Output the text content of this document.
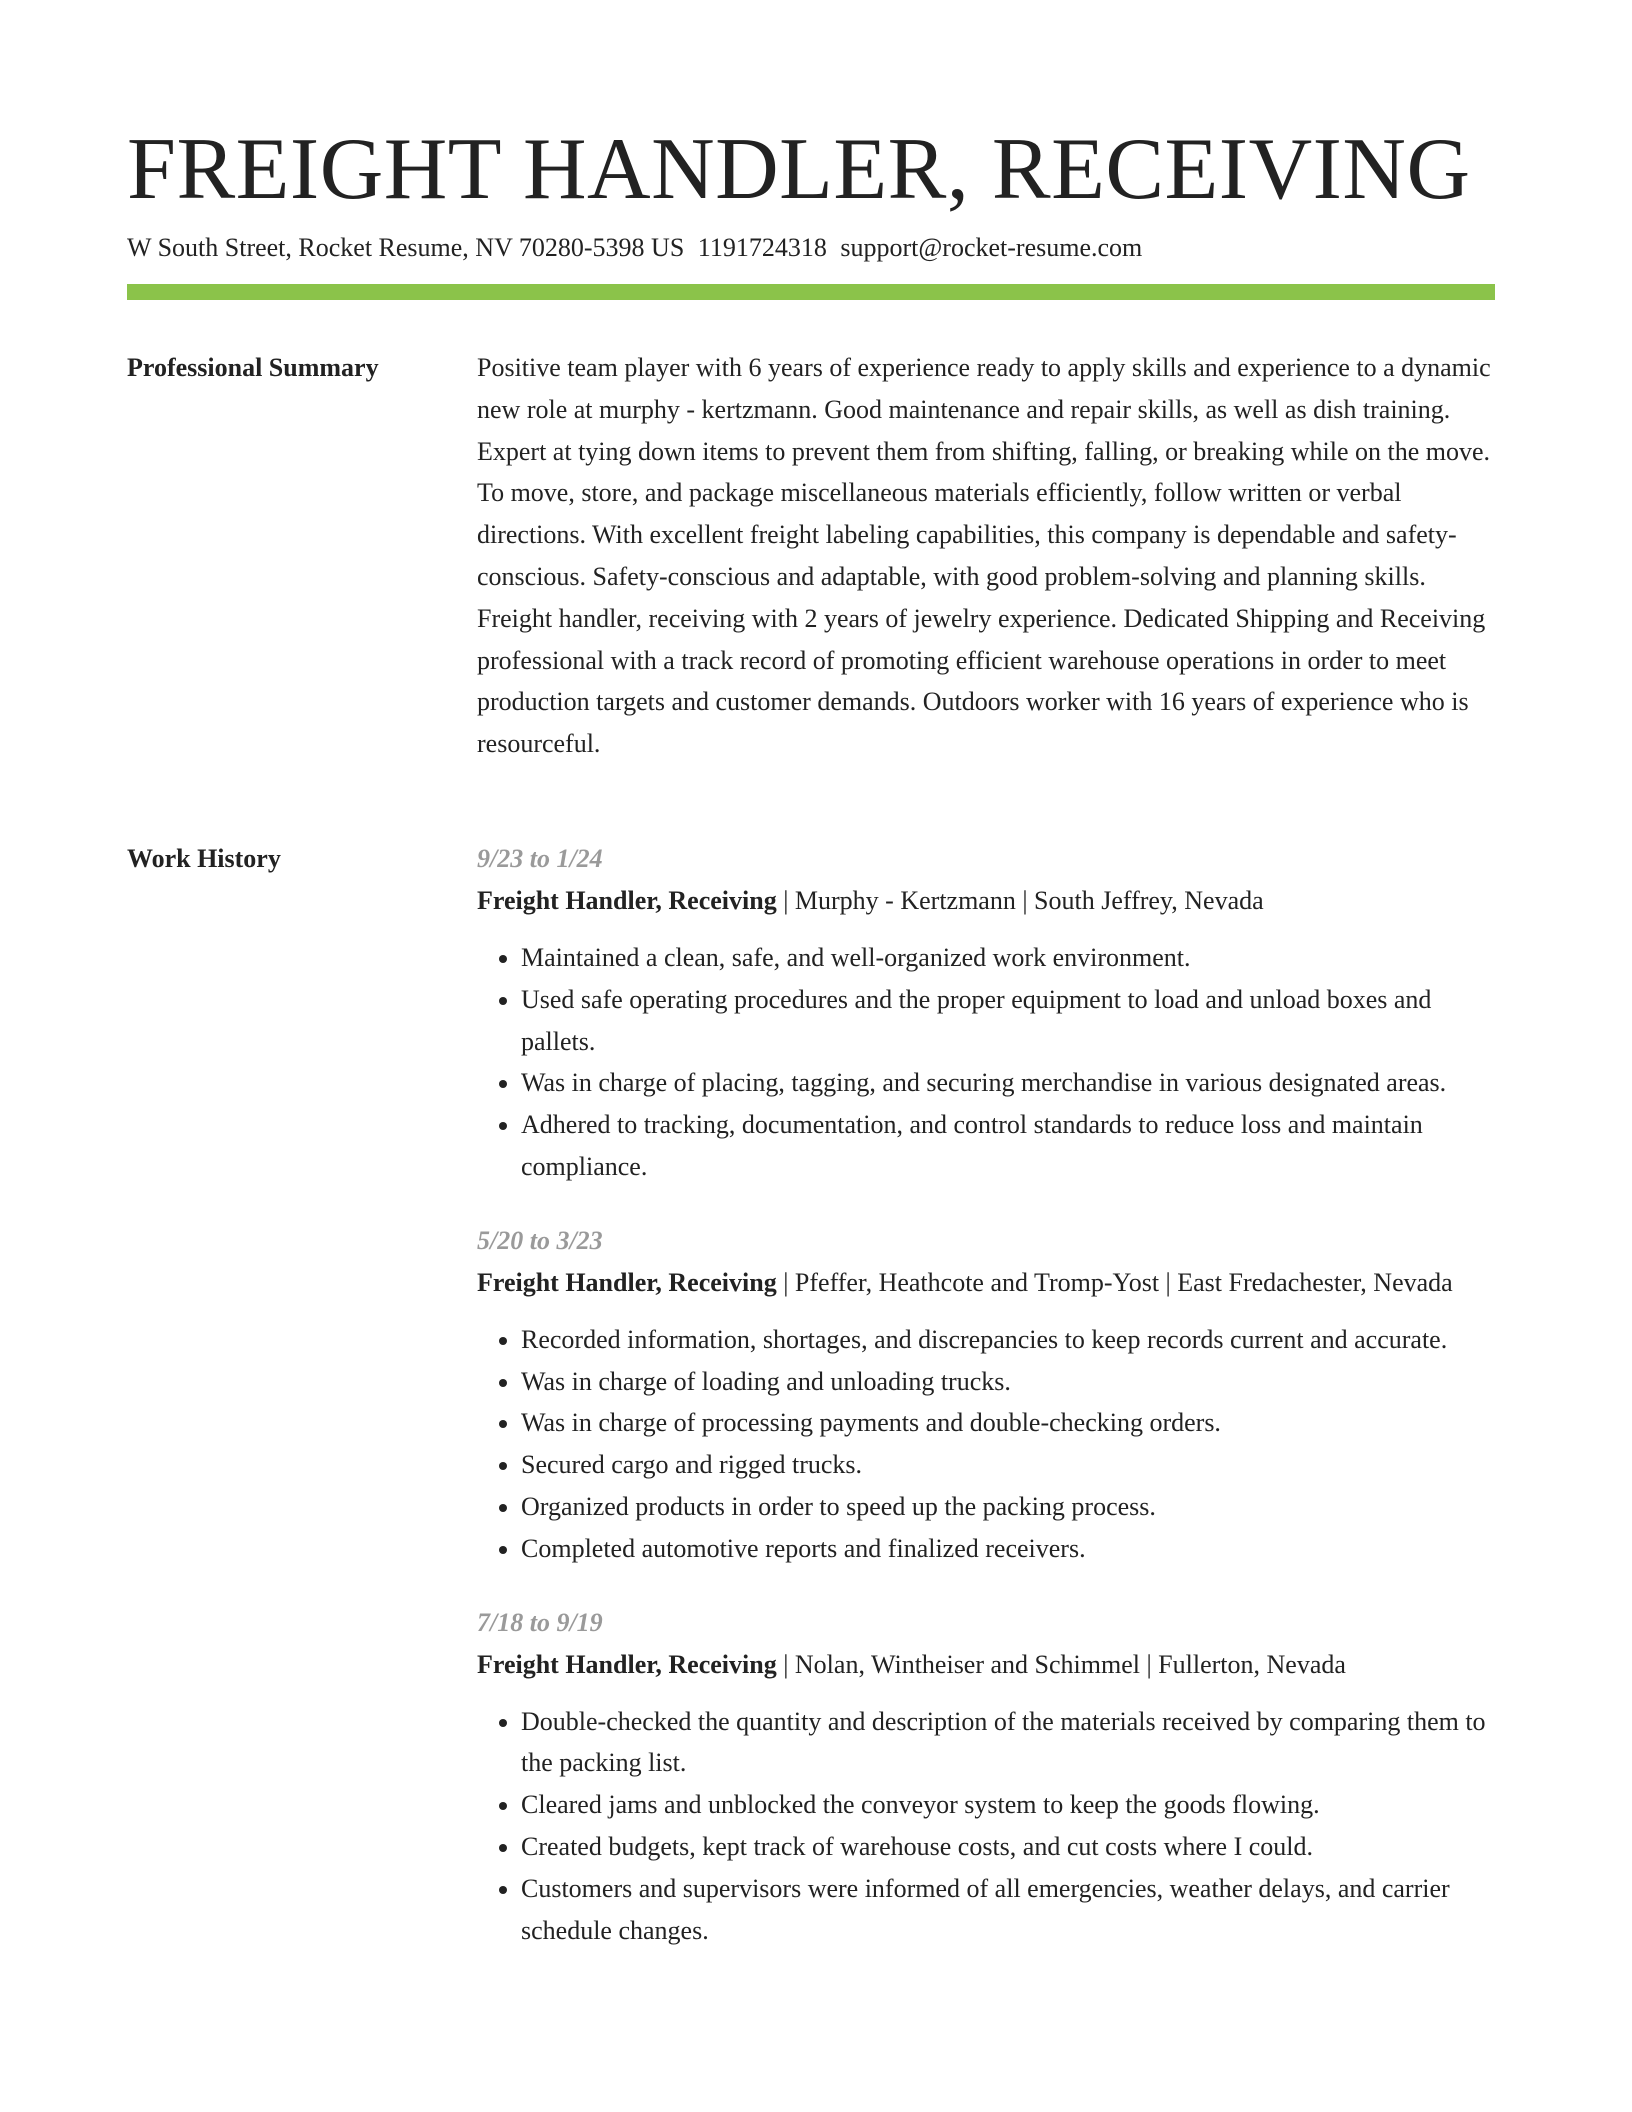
FREIGHT HANDLER, RECEIVING
W South Street, Rocket Resume, NV 70280-5398 US 1191724318 support@rocket-resume.com
Professional Summary	Positive team player with 6 years of experience ready to apply skills and experience to a dynamic new role at murphy - kertzmann. Good maintenance and repair skills, as well as dish training. Expert at tying down items to prevent them from shifting, falling, or breaking while on the move. To move, store, and package miscellaneous materials efficiently, follow written or verbal directions. With excellent freight labeling capabilities, this company is dependable and safety-conscious. Safety-conscious and adaptable, with good problem-solving and planning skills. Freight handler, receiving with 2 years of jewelry experience. Dedicated Shipping and Receiving professional with a track record of promoting efficient warehouse operations in order to meet production targets and customer demands. Outdoors worker with 16 years of experience who is resourceful.

Work History	9/23 to 1/24
Freight Handler, Receiving | Murphy - Kertzmann | South Jeffrey, Nevada
• Maintained a clean, safe, and well-organized work environment.
• Used safe operating procedures and the proper equipment to load and unload boxes and pallets.
• Was in charge of placing, tagging, and securing merchandise in various designated areas.
• Adhered to tracking, documentation, and control standards to reduce loss and maintain compliance.
5/20 to 3/23
Freight Handler, Receiving | Pfeffer, Heathcote and Tromp-Yost | East Fredachester, Nevada
• Recorded information, shortages, and discrepancies to keep records current and accurate.
• Was in charge of loading and unloading trucks.
• Was in charge of processing payments and double-checking orders.
• Secured cargo and rigged trucks.
• Organized products in order to speed up the packing process.
• Completed automotive reports and finalized receivers.
7/18 to 9/19
Freight Handler, Receiving | Nolan, Wintheiser and Schimmel | Fullerton, Nevada
• Double-checked the quantity and description of the materials received by comparing them to the packing list.
• Cleared jams and unblocked the conveyor system to keep the goods flowing.
• Created budgets, kept track of warehouse costs, and cut costs where I could.
• Customers and supervisors were informed of all emergencies, weather delays, and carrier schedule changes.
